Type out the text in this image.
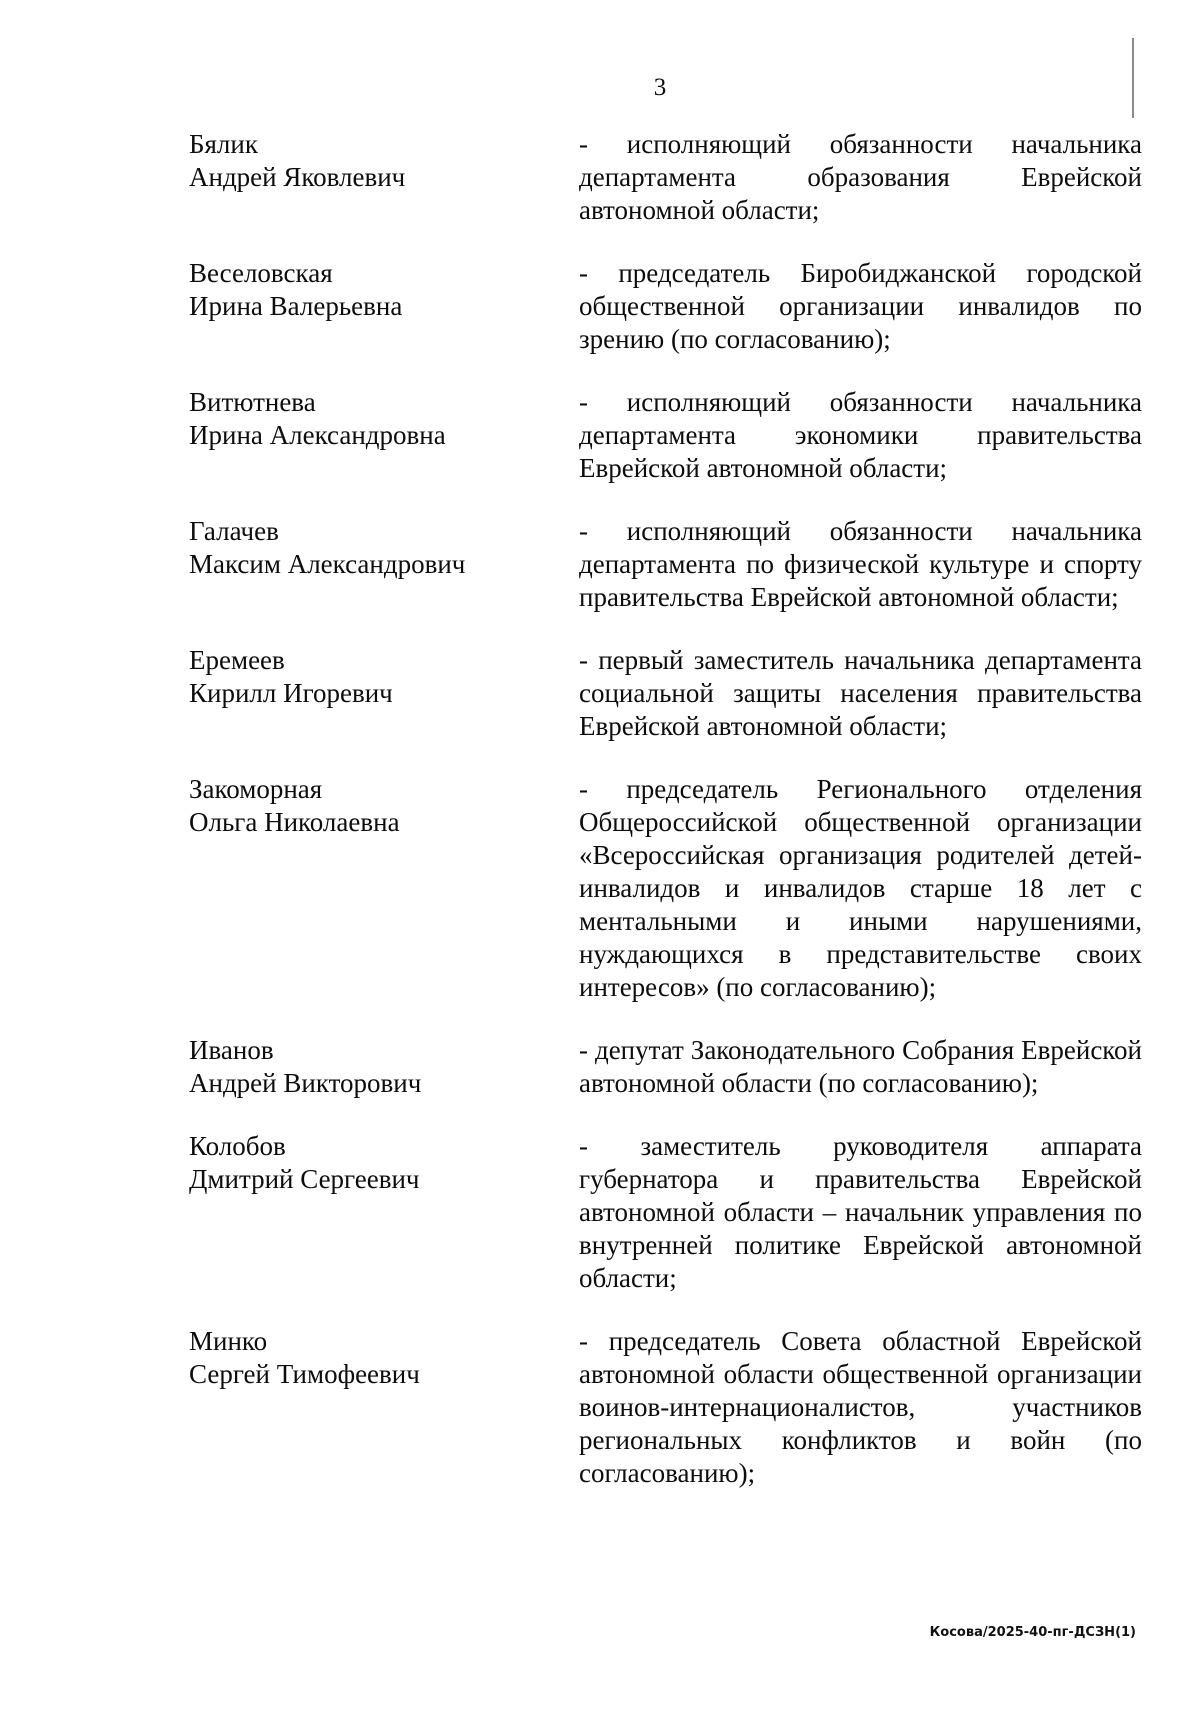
3
Бялик
Андрей Яковлевич
- исполняющий обязанности начальника департамента образования Еврейской автономной области;
Веселовская
Ирина Валерьевна
- председатель Биробиджанской городской общественной организации инвалидов по зрению (по согласованию);
Витютнева
Ирина Александровна
- исполняющий обязанности начальника департамента экономики правительства Еврейской автономной области;
Галачев
Максим Александрович
- исполняющий обязанности начальника департамента по физической культуре и спорту правительства Еврейской автономной области;
Еремеев
Кирилл Игоревич
- первый заместитель начальника департамента социальной защиты населения правительства Еврейской автономной области;
Закоморная
Ольга Николаевна
- председатель Регионального отделения Общероссийской общественной организации «Всероссийская организация родителей детей-инвалидов и инвалидов старше 18 лет с ментальными и иными нарушениями, нуждающихся в представительстве своих интересов» (по согласованию);
Иванов
Андрей Викторович
- депутат Законодательного Собрания Еврейской автономной области (по согласованию);
Колобов
Дмитрий Сергеевич
- заместитель руководителя аппарата губернатора и правительства Еврейской автономной области – начальник управления по внутренней политике Еврейской автономной области;
Минко
Сергей Тимофеевич
- председатель Совета областной Еврейской автономной области общественной организации воинов-интернационалистов, участников региональных конфликтов и войн (по согласованию);
Косова/2025-40-пг-ДСЗН(1)
